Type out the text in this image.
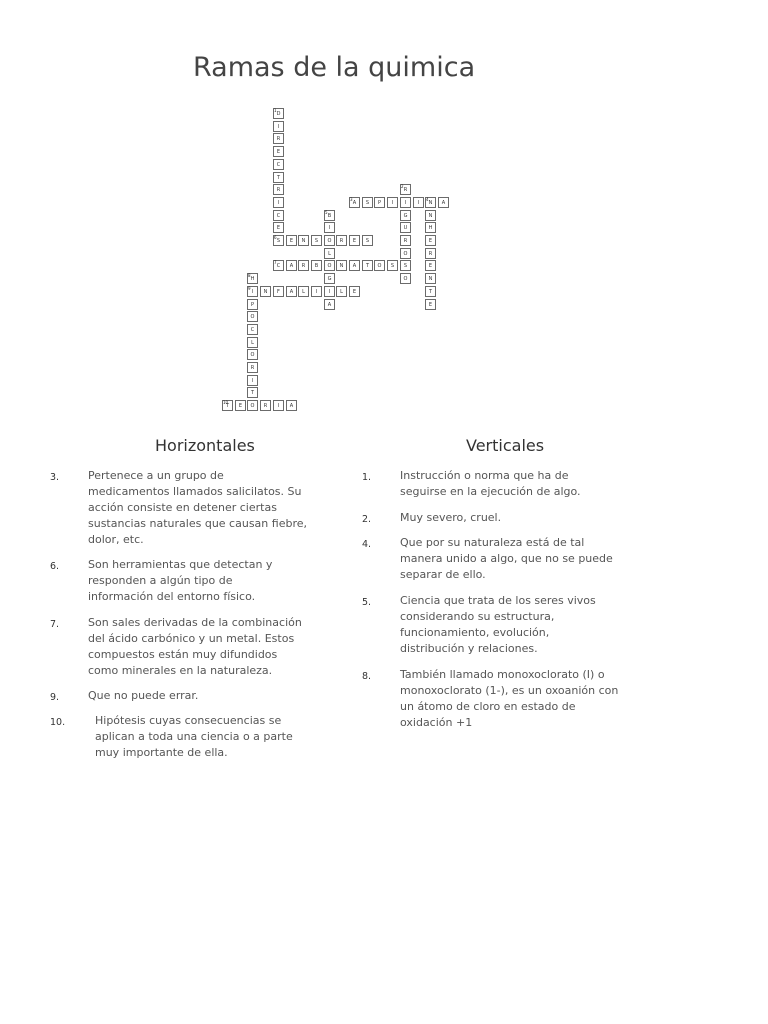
Ramas de la quimica
1
D
I
R
E
C
T
R
I
C
E
2
R
I
G
U
R
O
S
O
3
A	S	P	I	I
4
N	A
N
H
E
R
E
N
T
E
5
B
I
O
L
O
G
I
A
6
S	E	N	S	R	E	S
7
C	A	R	B	N	A	T	O	S
8
H
9
I
P
O
C
L
O
R
I
T
O
N	F	A	L	I	L	E
10
T	E	R	I	A
Horizontales	Verticales
3.	Pertenece a un grupo de medicamentos llamados salicilatos. Su acción consiste en detener ciertas sustancias naturales que causan fiebre, dolor, etc.
6.	Son herramientas que detectan y responden a algún tipo de información del entorno físico.
7.	Son sales derivadas de la combinación del ácido carbónico y un metal. Estos compuestos están muy difundidos como minerales en la naturaleza.
9.	Que no puede errar.
10.	Hipótesis cuyas consecuencias se aplican a toda una ciencia o a parte muy importante de ella.
1.	Instrucción o norma que ha de seguirse en la ejecución de algo.
2.	Muy severo, cruel.
4.	Que por su naturaleza está de tal manera unido a algo, que no se puede separar de ello.
5.	Ciencia que trata de los seres vivos considerando su estructura, funcionamiento, evolución, distribución y relaciones.
8.	También llamado monoxoclorato (I) o monoxoclorato (1-), es un oxoanión con un átomo de cloro en estado de oxidación +1
